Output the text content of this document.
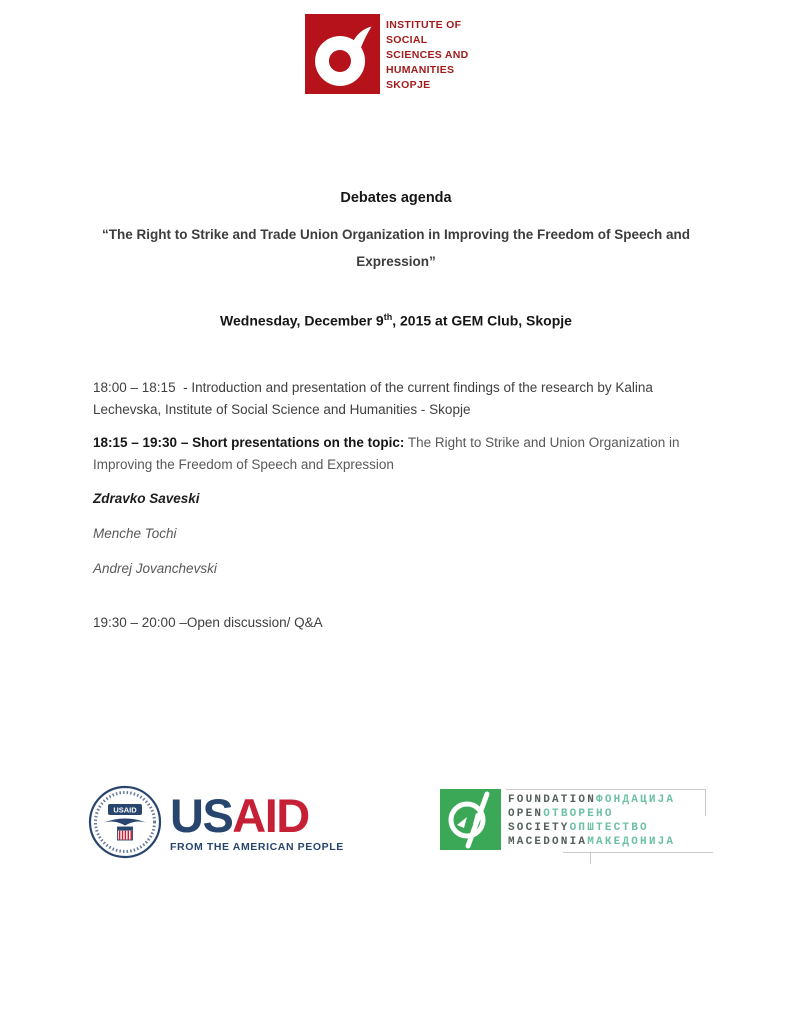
INSTITUTE OF
SOCIAL
SCIENCES AND
HUMANITIES
SKOPJE

Debates agenda

“The Right to Strike and Trade Union Organization in Improving the Freedom of Speech and
Expression”

Wednesday, December 9th, 2015 at GEM Club, Skopje

18:00 – 18:15  - Introduction and presentation of the current findings of the research by Kalina Lechevska, Institute of Social Science and Humanities - Skopje

18:15 – 19:30 – Short presentations on the topic: The Right to Strike and Union Organization in Improving the Freedom of Speech and Expression

Zdravko Saveski

Menche Tochi

Andrej Jovanchevski

19:30 – 20:00 –Open discussion/ Q&A

USAID USAID
FROM THE AMERICAN PEOPLE
FOUNDATIONФОНДАЦИЈА
OPENОТВОРЕНО
SOCIETYОПШТЕСТВО
MACEDONIAМАКЕДОНИЈА
